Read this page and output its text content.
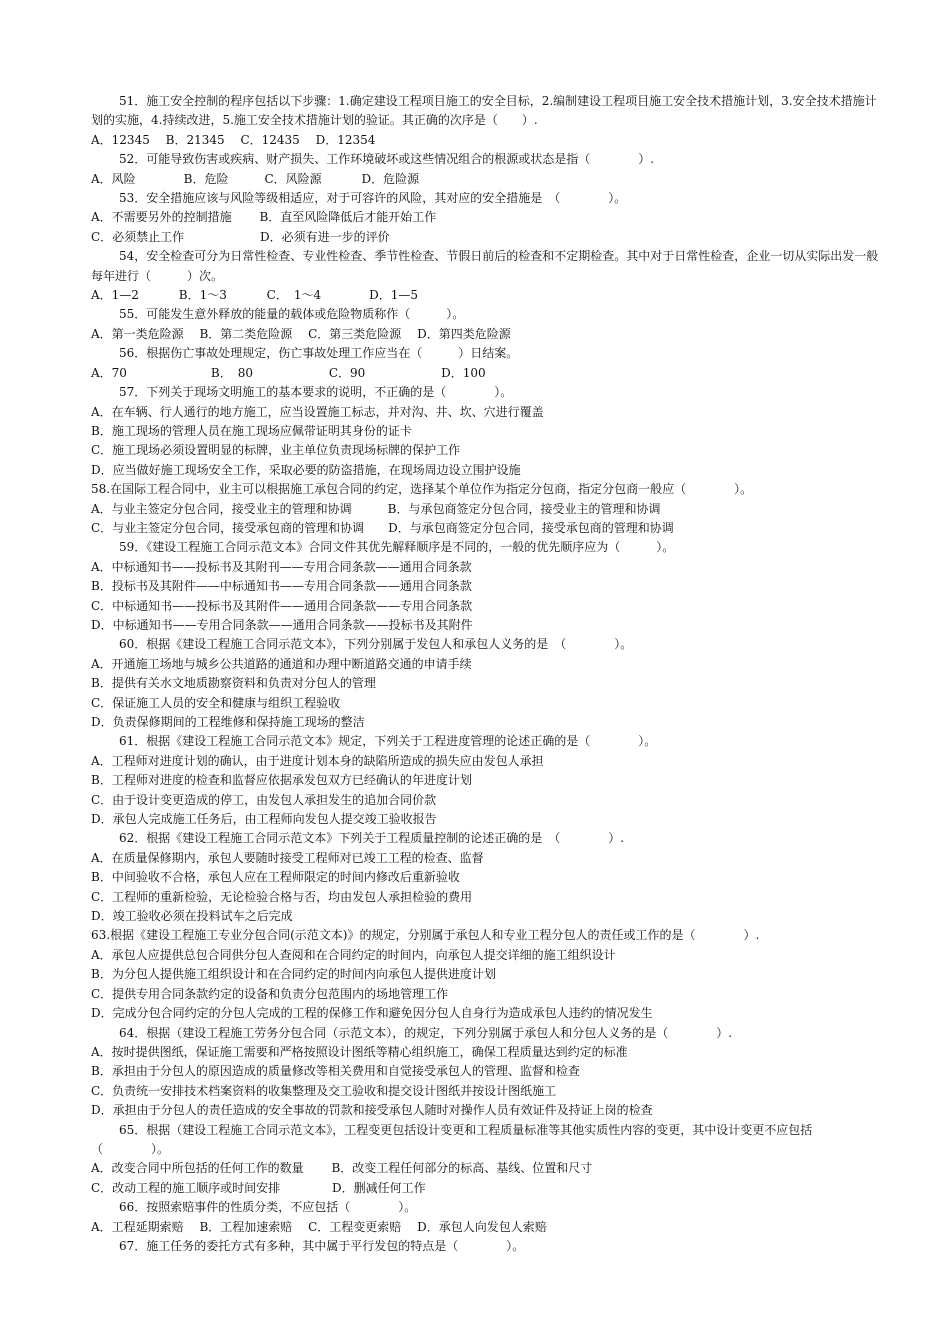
51．施工安全控制的程序包括以下步骤：1.确定建设工程项目施工的安全目标，2.编制建设工程项目施工安全技术措施计划，3.安全技术措施计划的实施，4.持续改进，5.施工安全技术措施计划的验证。其正确的次序是（　　）.
A．12345　 B．21345　 C．12435　 D．12354
52．可能导致伤害或疾病、财产损失、工作环境破坏或这些情况组合的根源或状态是指（　　　　）.
A．风险　　　　B．危险　　　C．风险源　　　 D．危险源
53．安全措施应该与风险等级相适应，对于可容许的风险，其对应的安全措施是　（　　　　）。
A．不需要另外的控制措施　　 B．直至风险降低后才能开始工作
C．必须禁止工作　　　　　　 D．必须有进一步的评价
54，安全检查可分为日常性检查、专业性检查、季节性检查、节假日前后的检查和不定期检查。其中对于日常性检查，企业一切从实际出发一般每年进行（　　　）次。
A．1—2　　　 B．1～3　　　 C．　1～4　　　　D．1—5
55．可能发生意外释放的能量的载体或危险物质称作（　　　）。
A．第一类危险源　 B．第二类危险源　 C．第三类危险源　 D．第四类危险源
56．根据伤亡事故处理规定，伤亡事故处理工作应当在（　　　）日结案。
A．70　　　　　　　B．　80　　　　　　 C．90　　　　　　 D．100
57．下列关于现场文明施工的基本要求的说明，不正确的是（　　　　）。
A．在车辆、行人通行的地方施工，应当设置施工标志，并对沟、井、坎、穴进行覆盖
B．施工现场的管理人员在施工现场应佩带证明其身份的证卡
C．施工现场必须设置明显的标牌，业主单位负责现场标牌的保护工作
D．应当做好施工现场安全工作，采取必要的防盗措施，在现场周边设立围护设施
58.在国际工程合同中，业主可以根据施工承包合同的约定，选择某个单位作为指定分包商，指定分包商一般应（　　　　）。
A．与业主签定分包合同，接受业主的管理和协调　　　B．与承包商签定分包合同，接受业主的管理和协调
C．与业主签定分包合同，接受承包商的管理和协调　　D．与承包商签定分包合同，接受承包商的管理和协调
59．《建设工程施工合同示范文本》合同文件其优先解释顺序是不同的，一般的优先顺序应为（　　　）。
A．中标通知书——投标书及其附刊——专用合同条款——通用合同条款
B．投标书及其附件——中标通知书——专用合同条款——通用合同条款
C．中标通知书——投标书及其附件——通用合同条款——专用合同条款
D．中标通知书——专用合同条款——通用合同条款——投标书及其附件
60．根据《建设工程施工合同示范文本》，下列分别属于发包人和承包人义务的是　（　　　　）。
A．开通施工场地与城乡公共道路的通道和办理中断道路交通的申请手续
B．提供有关水文地质勘察资料和负责对分包人的管理
C．保证施工人员的安全和健康与组织工程验收
D．负责保修期间的工程维修和保持施工现场的整洁
61．根据《建设工程施工合同示范文本》规定，下列关于工程进度管理的论述正确的是（　　　　）。
A．工程师对进度计划的确认，由于进度计划本身的缺陷所造成的损失应由发包人承担
B．工程师对进度的检查和监督应依据承发包双方已经确认的年进度计划
C．由于设计变更造成的停工，由发包人承担发生的追加合同价款
D．承包人完成施工任务后，由工程师向发包人提交竣工验收报告
62．根据《建设工程施工合同示范文本》下列关于工程质量控制的论述正确的是　（　　　　）.
A．在质量保修期内，承包人要随时接受工程师对已竣工工程的检查、监督
B．中间验收不合格，承包人应在工程师限定的时间内修改后重新验收
C．工程师的重新检验，无论检验合格与否，均由发包人承担检验的费用
D．竣工验收必须在投料试车之后完成
63.根据《建设工程施工专业分包合同(示范文本)》的规定，分别属于承包人和专业工程分包人的责任或工作的是（　　　　）.
A．承包人应提供总包合同供分包人查阅和在合同约定的时间内，向承包人提交详细的施工组织设计
B．为分包人提供施工组织设计和在合同约定的时间内向承包人提供进度计划
C．提供专用合同条款约定的设备和负责分包范围内的场地管理工作
D．完成分包合同约定的分包人完成的工程的保修工作和避免因分包人自身行为造成承包人违约的情况发生
64．根据（建设工程施工劳务分包合同（示范文本），的规定，下列分别属于承包人和分包人义务的是（　　　　）.
A．按时提供图纸，保证施工需要和严格按照设计图纸等精心组织施工，确保工程质量达到约定的标准
B．承担由于分包人的原因造成的质量修改等相关费用和自觉接受承包人的管理、监督和检查
C．负责统一安排技术档案资料的收集整理及交工验收和提交设计图纸并按设计图纸施工
D．承担由于分包人的责任造成的安全事故的罚款和接受承包人随时对操作人员有效证件及持证上岗的检查
65．根据（建设工程施工合同示范文本》，工程变更包括设计变更和工程质量标准等其他实质性内容的变更，其中设计变更不应包括（　　　　）。
A．改变合同中所包括的任何工作的数量　　 B．改变工程任何部分的标高、基线、位置和尺寸
C．改动工程的施工顺序或时间安排　　　　 D．删减任何工作
66．按照索赔事件的性质分类，不应包括（　　　　）。
A．工程延期索赔　 B．工程加速索赔　 C．工程变更索赔　 D．承包人向发包人索赔
67．施工任务的委托方式有多种，其中属于平行发包的特点是（　　　　）。
